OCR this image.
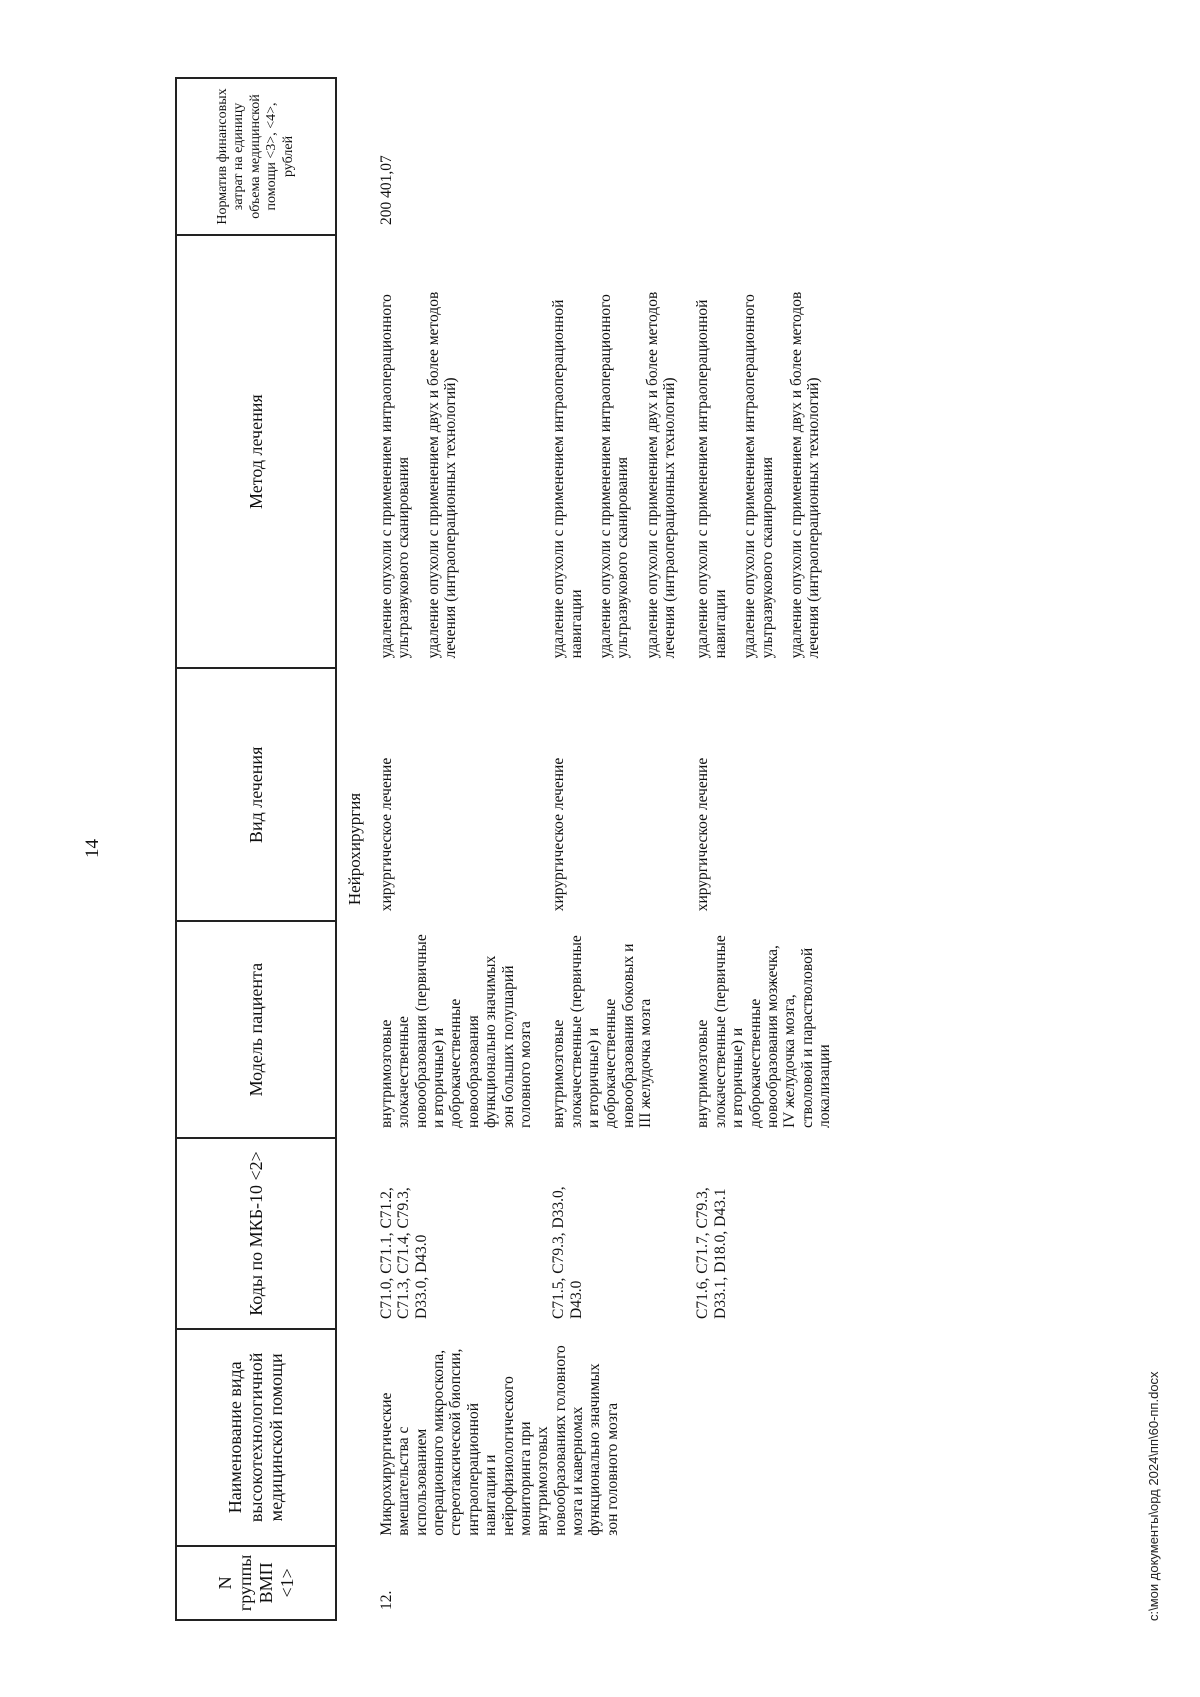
14
N группы ВМП <1>	Наименование вида высокотехнологичной медицинской помощи	Коды по МКБ-10 <2>	Модель пациента	Вид лечения	Метод лечения	Норматив финансовых затрат на единицу объема медицинской помощи <3>, <4>, рублей
Нейрохирургия						
12.	Микрохирургические вмешательства с использованием операционного микроскопа, стереотаксической биопсии, интраоперационной навигации и нейрофизиологического мониторинга при внутримозговых новообразованиях головного мозга и каверномах функционально значимых зон головного мозга	C71.0, C71.1, C71.2, C71.3, C71.4, C79.3, D33.0, D43.0	внутримозговые злокачественные новообразования (первичные и вторичные) и доброкачественные новообразования функционально значимых зон больших полушарий головного мозга	хирургическое лечение	удаление опухоли с применением интраоперационного ультразвукового сканирования удаление опухоли с применением двух и более методов лечения (интраоперационных технологий)	200 401,07
		C71.5, C79.3, D33.0, D43.0	внутримозговые злокачественные (первичные и вторичные) и доброкачественные новообразования боковых и III желудочка мозга	хирургическое лечение	удаление опухоли с применением интраоперационной навигации удаление опухоли с применением интраоперационного ультразвукового сканирования удаление опухоли с применением двух и более методов лечения (интраоперационных технологий)	

		C71.6, C71.7, C79.3, D33.1, D18.0, D43.1	внутримозговые злокачественные (первичные и вторичные) и доброкачественные новообразования мозжечка, IV желудочка мозга, стволовой и парастволовой локализации	хирургическое лечение	удаление опухоли с применением интраоперационной навигации удаление опухоли с применением интраоперационного ультразвукового сканирования удаление опухоли с применением двух и более методов лечения (интраоперационных технологий)	
c:\мои документы\орд 2024\пп\60-пп.docx
